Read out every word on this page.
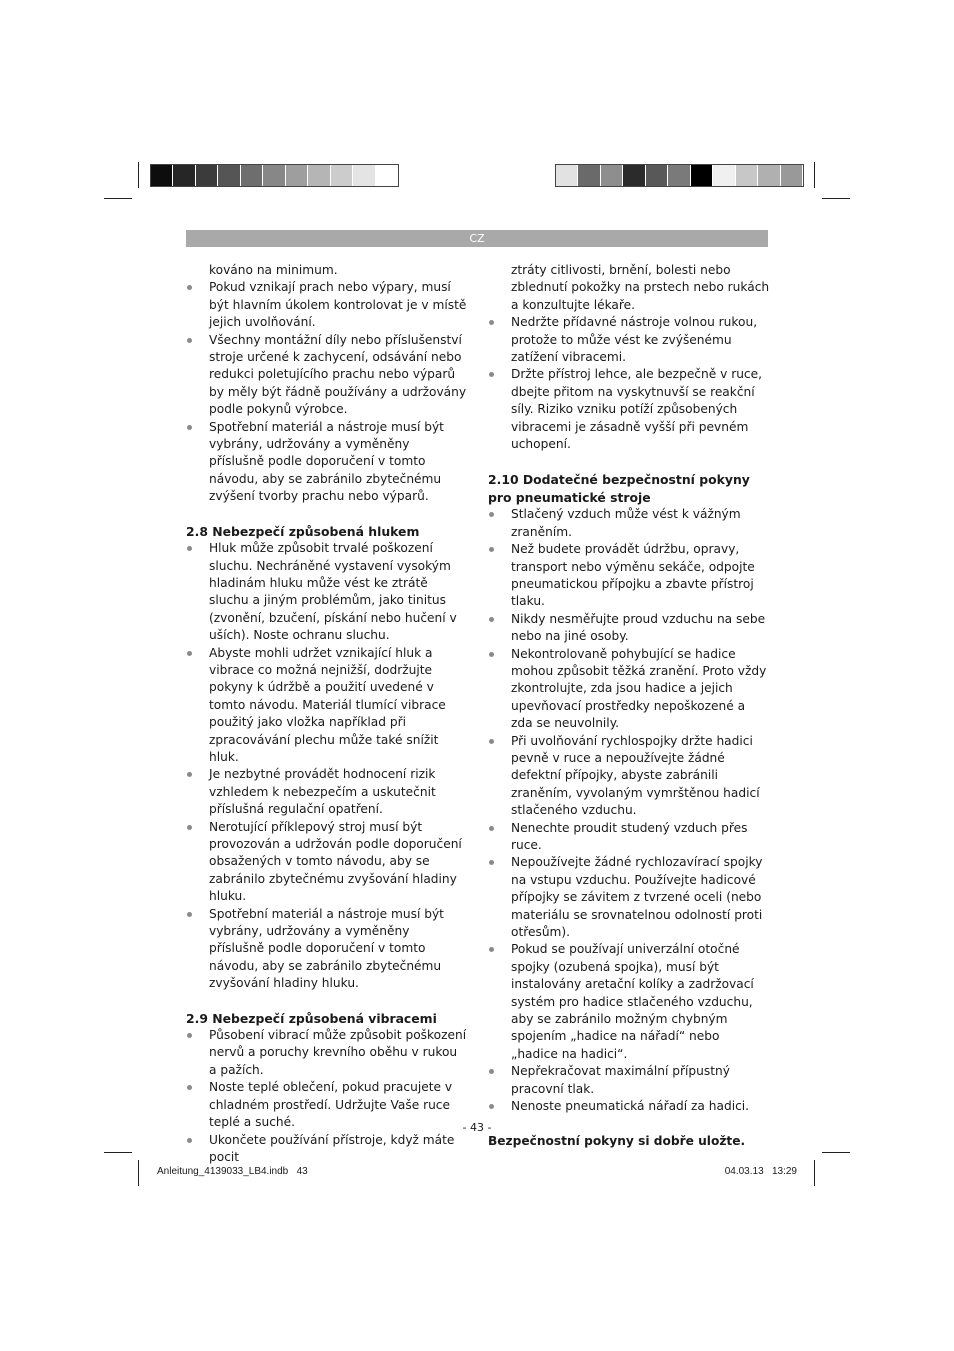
CZ
kováno na minimum.
Pokud vznikají prach nebo výpary, musí být hlavním úkolem kontrolovat je v místě jejich uvolňování.
Všechny montážní díly nebo příslušenství stroje určené k zachycení, odsávání nebo redukci poletujícího prachu nebo výparů by měly být řádně používány a udržovány podle pokynů výrobce.
Spotřební materiál a nástroje musí být vybrány, udržovány a vyměněny příslušně podle doporučení v tomto návodu, aby se zabránilo zbytečnému zvýšení tvorby prachu nebo výparů.
2.8 Nebezpečí způsobená hlukem
Hluk může způsobit trvalé poškození sluchu. Nechráněné vystavení vysokým hladinám hluku může vést ke ztrátě sluchu a jiným problémům, jako tinitus (zvonění, bzučení, pískání nebo hučení v uších). Noste ochranu sluchu.
Abyste mohli udržet vznikající hluk a vibrace co možná nejnižší, dodržujte pokyny k údržbě a použití uvedené v tomto návodu. Materiál tlumící vibrace použitý jako vložka například při zpracovávání plechu může také snížit hluk.
Je nezbytné provádět hodnocení rizik vzhledem k nebezpečím a uskutečnit příslušná regulační opatření.
Nerotující příklepový stroj musí být provozován a udržován podle doporučení obsažených v tomto návodu, aby se zabránilo zbytečnému zvyšování hladiny hluku.
Spotřební materiál a nástroje musí být vybrány, udržovány a vyměněny příslušně podle doporučení v tomto návodu, aby se zabránilo zbytečnému zvyšování hladiny hluku.
2.9 Nebezpečí způsobená vibracemi
Působení vibrací může způsobit poškození nervů a poruchy krevního oběhu v rukou a pažích.
Noste teplé oblečení, pokud pracujete v chladném prostředí. Udržujte Vaše ruce teplé a suché.
Ukončete používání přístroje, když máte pocit
ztráty citlivosti, brnění, bolesti nebo zblednutí pokožky na prstech nebo rukách a konzultujte lékaře.
Nedržte přídavné nástroje volnou rukou, protože to může vést ke zvýšenému zatížení vibracemi.
Držte přístroj lehce, ale bezpečně v ruce, dbejte přitom na vyskytnuvší se reakční síly. Riziko vzniku potíží způsobených vibracemi je zásadně vyšší při pevném uchopení.
2.10 Dodatečné bezpečnostní pokyny pro pneumatické stroje
Stlačený vzduch může vést k vážným zraněním.
Než budete provádět údržbu, opravy, transport nebo výměnu sekáče, odpojte pneumatickou přípojku a zbavte přístroj tlaku.
Nikdy nesměřujte proud vzduchu na sebe nebo na jiné osoby.
Nekontrolovaně pohybující se hadice mohou způsobit těžká zranění. Proto vždy zkontrolujte, zda jsou hadice a jejich upevňovací prostředky nepoškozené a zda se neuvolnily.
Při uvolňování rychlospojky držte hadici pevně v ruce a nepoužívejte žádné defektní přípojky, abyste zabránili zraněním, vyvolaným vymrštěnou hadicí stlačeného vzduchu.
Nenechte proudit studený vzduch přes ruce.
Nepoužívejte žádné rychlozavírací spojky na vstupu vzduchu. Používejte hadicové přípojky se závitem z tvrzené oceli (nebo materiálu se srovnatelnou odolností proti otřesům).
Pokud se používají univerzální otočné spojky (ozubená spojka), musí být instalovány aretační kolíky a zadržovací systém pro hadice stlačeného vzduchu, aby se zabránilo možným chybným spojením „hadice na nářadí“ nebo „hadice na hadici“.
Nepřekračovat maximální přípustný pracovní tlak.
Nenoste pneumatická nářadí za hadici.
Bezpečnostní pokyny si dobře uložte.
- 43 -
Anleitung_4139033_LB4.indb   43	04.03.13   13:29
